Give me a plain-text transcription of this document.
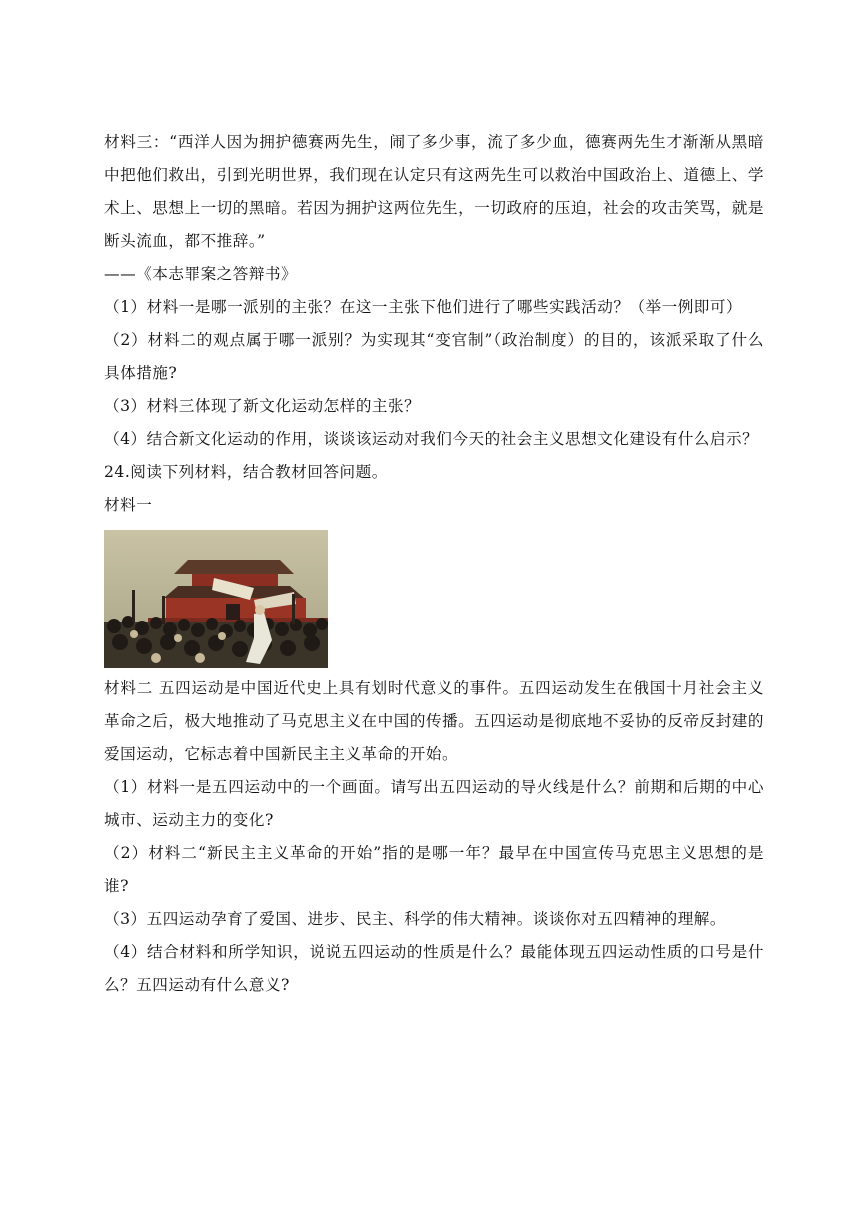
材料三：“西洋人因为拥护德赛两先生，闹了多少事，流了多少血，德赛两先生才渐渐从黑暗中把他们救出，引到光明世界，我们现在认定只有这两先生可以救治中国政治上、道德上、学术上、思想上一切的黑暗。若因为拥护这两位先生，一切政府的压迫，社会的攻击笑骂，就是断头流血，都不推辞。”

——《本志罪案之答辩书》

（1）材料一是哪一派别的主张？在这一主张下他们进行了哪些实践活动？（举一例即可）

（2）材料二的观点属于哪一派别？为实现其“变官制”（政治制度）的目的，该派采取了什么具体措施?

（3）材料三体现了新文化运动怎样的主张？

（4）结合新文化运动的作用，谈谈该运动对我们今天的社会主义思想文化建设有什么启示？

24.阅读下列材料，结合教材回答问题。

材料一

材料二 五四运动是中国近代史上具有划时代意义的事件。五四运动发生在俄国十月社会主义革命之后，极大地推动了马克思主义在中国的传播。五四运动是彻底地不妥协的反帝反封建的爱国运动，它标志着中国新民主主义革命的开始。

（1）材料一是五四运动中的一个画面。请写出五四运动的导火线是什么？前期和后期的中心城市、运动主力的变化?

（2）材料二“新民主主义革命的开始”指的是哪一年？最早在中国宣传马克思主义思想的是谁?

（3）五四运动孕育了爱国、进步、民主、科学的伟大精神。谈谈你对五四精神的理解。

（4）结合材料和所学知识，说说五四运动的性质是什么？最能体现五四运动性质的口号是什么？五四运动有什么意义?
